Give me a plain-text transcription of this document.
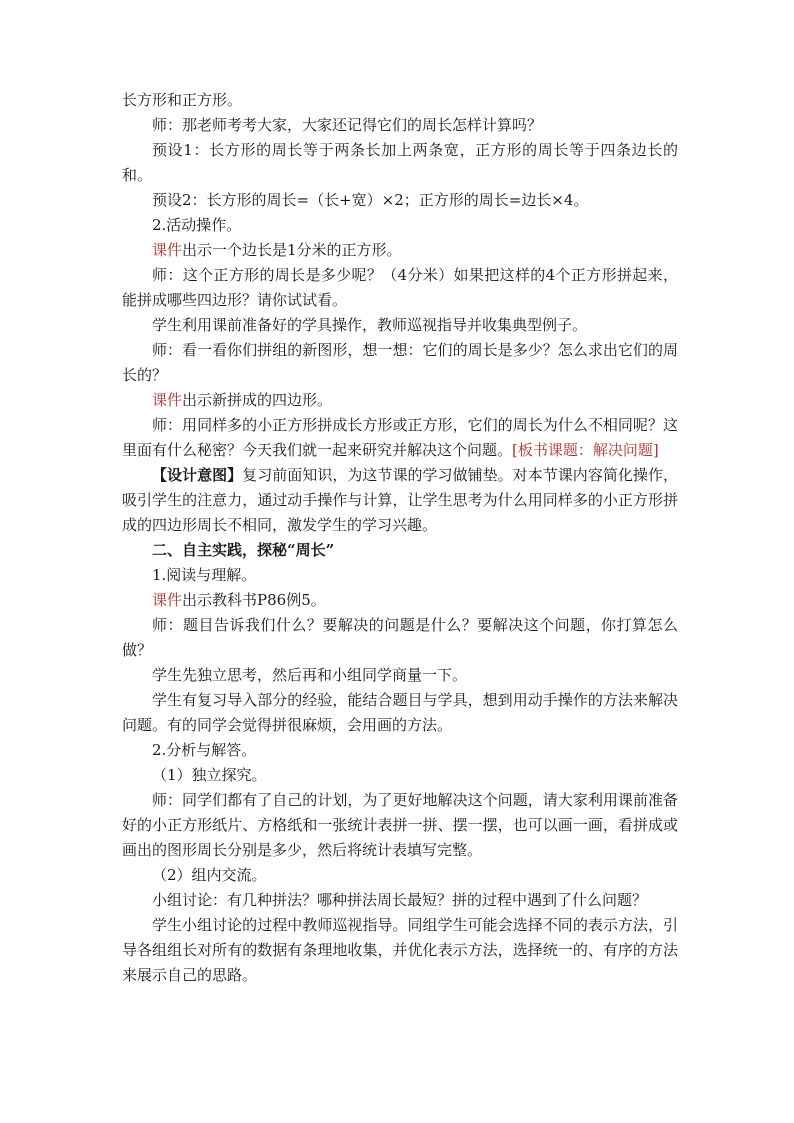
长方形和正方形。

师：那老师考考大家，大家还记得它们的周长怎样计算吗？

预设1：长方形的周长等于两条长加上两条宽，正方形的周长等于四条边长的和。

预设2：长方形的周长=（长+宽）×2；正方形的周长=边长×4。

2.活动操作。

课件出示一个边长是1分米的正方形。

师：这个正方形的周长是多少呢？（4分米）如果把这样的4个正方形拼起来，能拼成哪些四边形？请你试试看。

学生利用课前准备好的学具操作，教师巡视指导并收集典型例子。

师：看一看你们拼组的新图形，想一想：它们的周长是多少？怎么求出它们的周长的？

课件出示新拼成的四边形。

师：用同样多的小正方形拼成长方形或正方形，它们的周长为什么不相同呢？这里面有什么秘密？今天我们就一起来研究并解决这个问题。[板书课题：解决问题]

【设计意图】复习前面知识，为这节课的学习做铺垫。对本节课内容简化操作，吸引学生的注意力，通过动手操作与计算，让学生思考为什么用同样多的小正方形拼成的四边形周长不相同，激发学生的学习兴趣。

二、自主实践，探秘“周长”

1.阅读与理解。

课件出示教科书P86例5。

师：题目告诉我们什么？要解决的问题是什么？要解决这个问题，你打算怎么做？

学生先独立思考，然后再和小组同学商量一下。

学生有复习导入部分的经验，能结合题目与学具，想到用动手操作的方法来解决问题。有的同学会觉得拼很麻烦，会用画的方法。

2.分析与解答。

（1）独立探究。

师：同学们都有了自己的计划，为了更好地解决这个问题，请大家利用课前准备好的小正方形纸片、方格纸和一张统计表拼一拼、摆一摆，也可以画一画，看拼成或画出的图形周长分别是多少，然后将统计表填写完整。

（2）组内交流。

小组讨论：有几种拼法？哪种拼法周长最短？拼的过程中遇到了什么问题？

学生小组讨论的过程中教师巡视指导。同组学生可能会选择不同的表示方法，引导各组组长对所有的数据有条理地收集，并优化表示方法，选择统一的、有序的方法来展示自己的思路。
